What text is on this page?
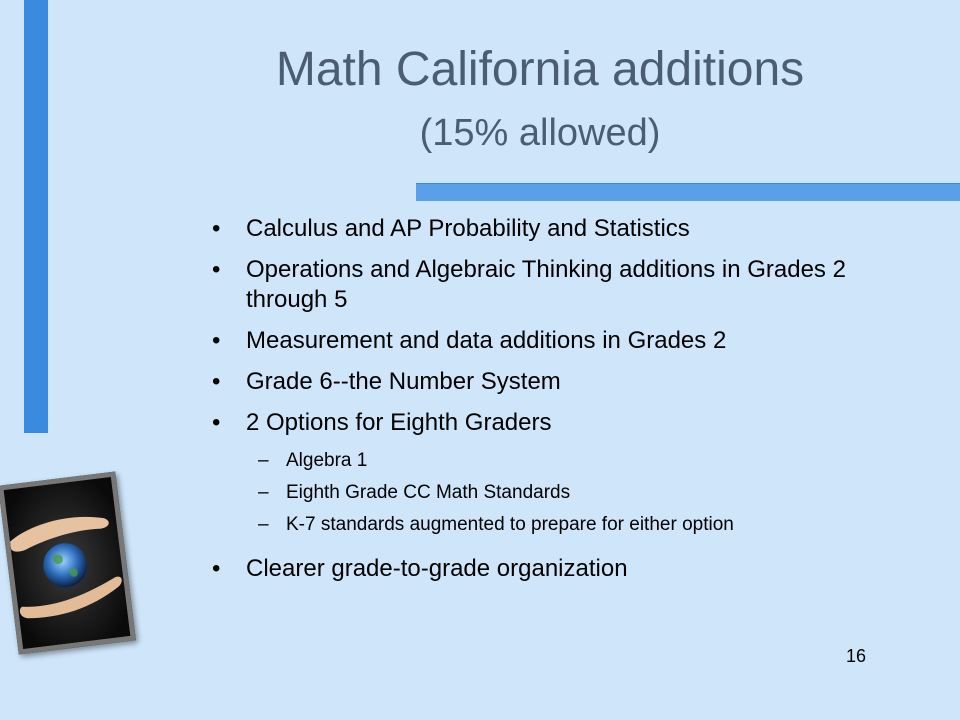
Math California additions
(15% allowed)
• Calculus and AP Probability and Statistics
• Operations and Algebraic Thinking additions in Grades 2 through 5
• Measurement and data additions in Grades 2
• Grade 6--the Number System
• 2 Options for Eighth Graders
– Algebra 1
– Eighth Grade CC Math Standards
– K-7 standards augmented to prepare for either option
• Clearer grade-to-grade organization
16
